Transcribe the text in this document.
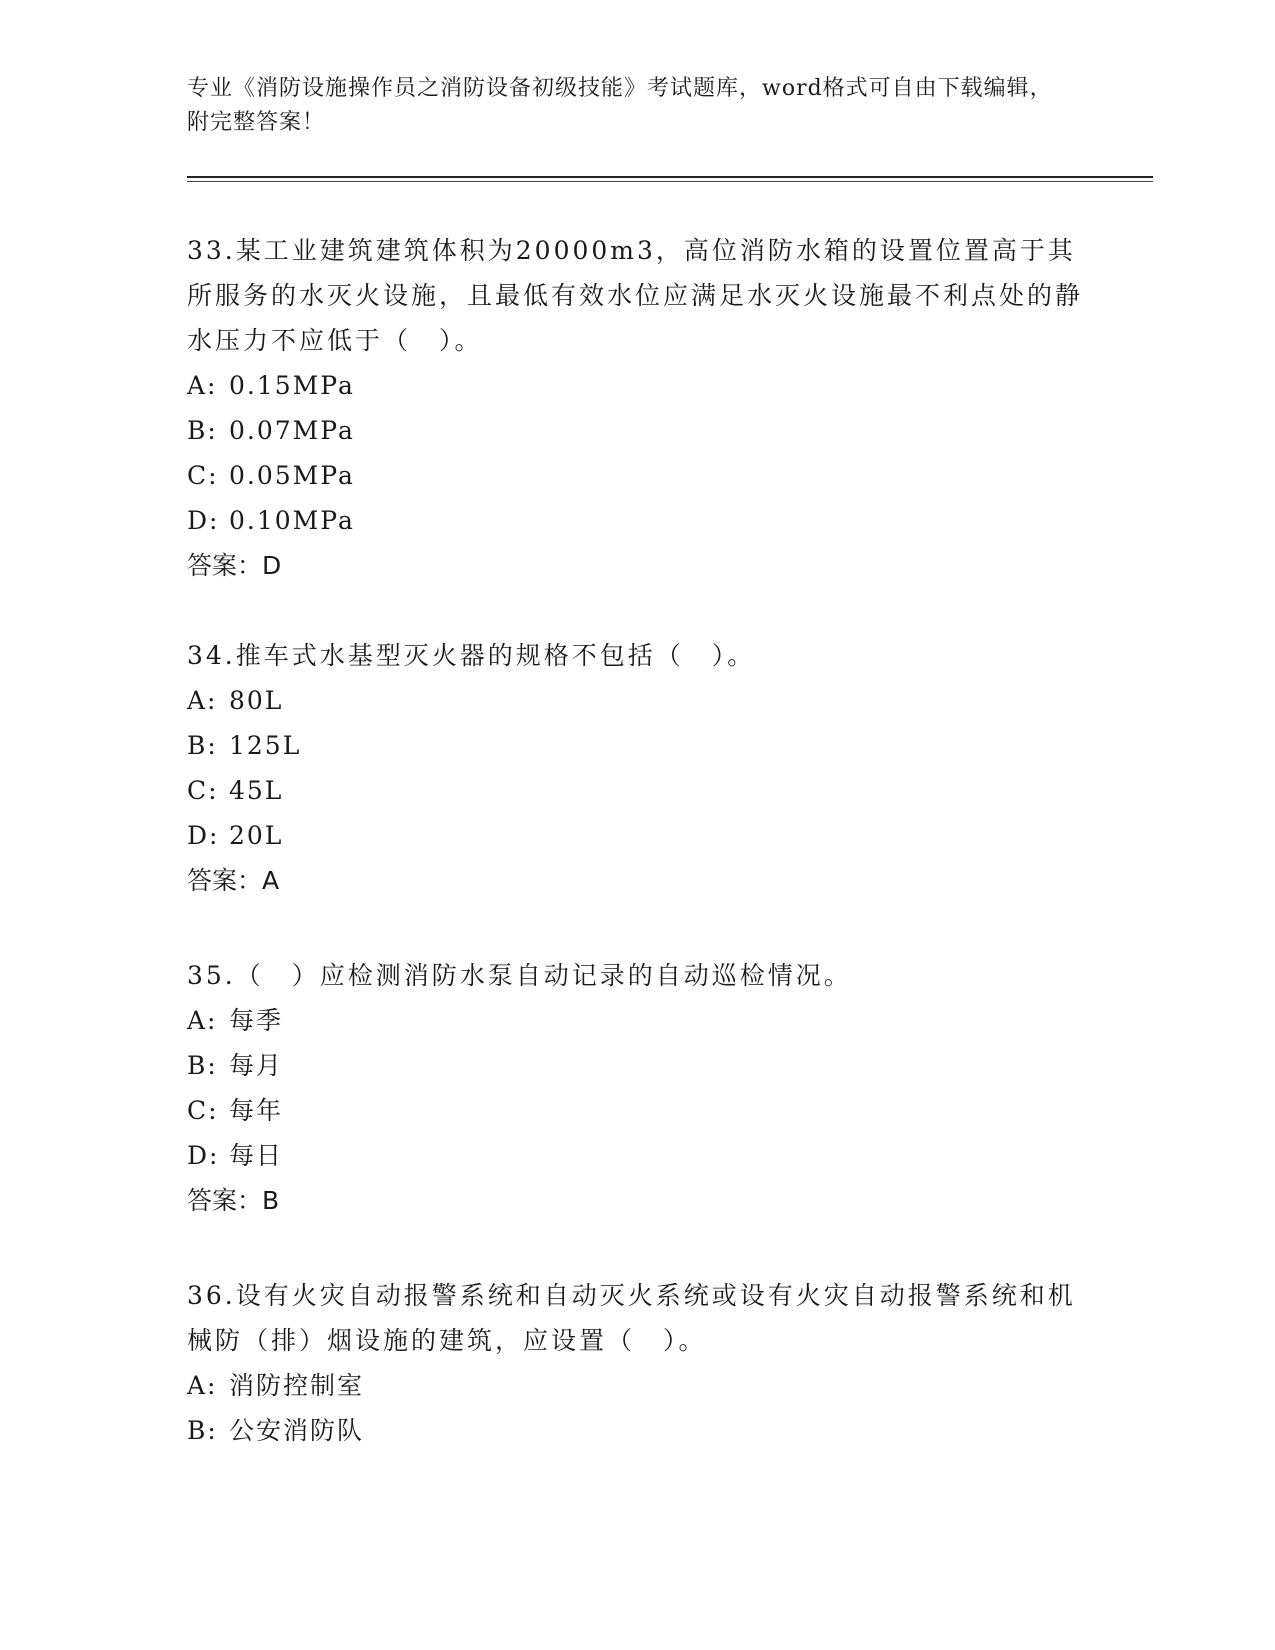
专业《消防设施操作员之消防设备初级技能》考试题库，word格式可自由下载编辑，附完整答案！

33.某工业建筑建筑体积为20000m3，高位消防水箱的设置位置高于其所服务的水灭火设施，且最低有效水位应满足水灭火设施最不利点处的静水压力不应低于（　）。

A: 0.15MPa

B: 0.07MPa

C: 0.05MPa

D: 0.10MPa

答案：D

34.推车式水基型灭火器的规格不包括（　）。

A: 80L

B: 125L

C: 45L

D: 20L

答案：A

35.（　）应检测消防水泵自动记录的自动巡检情况。

A: 每季

B: 每月

C: 每年

D: 每日

答案：B

36.设有火灾自动报警系统和自动灭火系统或设有火灾自动报警系统和机械防（排）烟设施的建筑，应设置（　）。

A: 消防控制室

B: 公安消防队
